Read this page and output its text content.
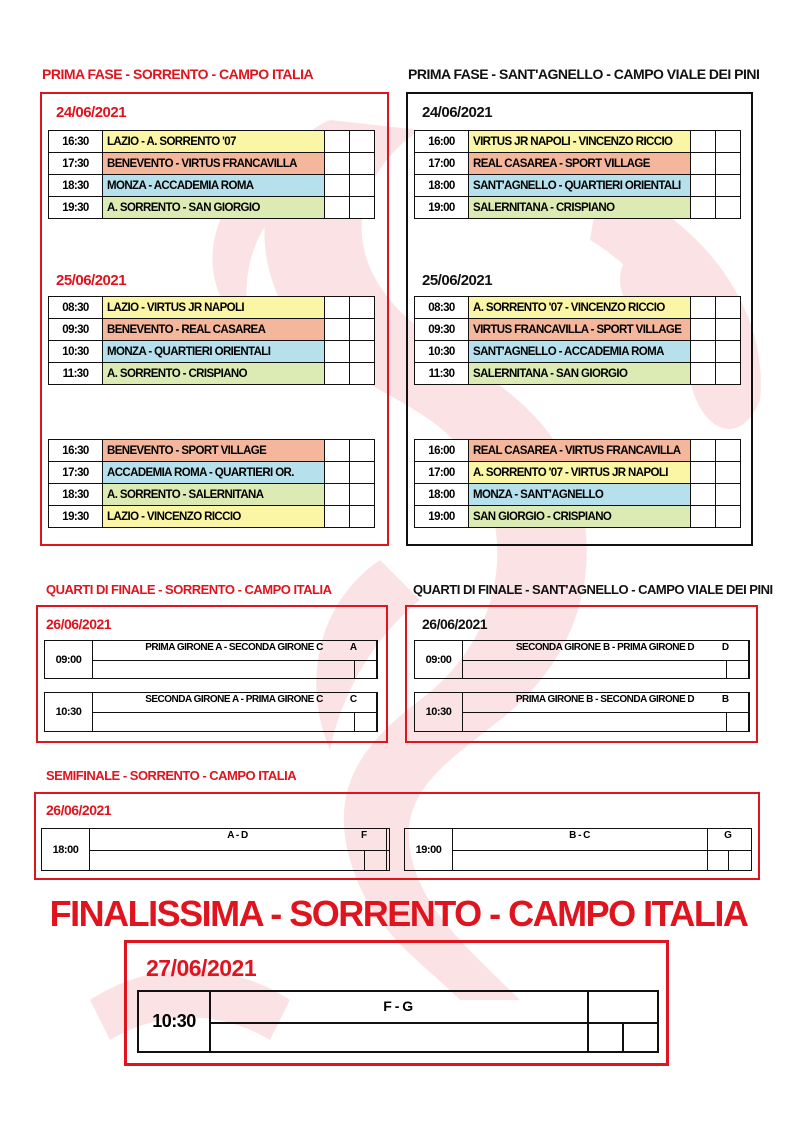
PRIMA FASE - SORRENTO - CAMPO ITALIA
24/06/2021
16:30	LAZIO - A. SORRENTO '07		
17:30	BENEVENTO - VIRTUS FRANCAVILLA		
18:30	MONZA - ACCADEMIA ROMA		
19:30	A. SORRENTO - SAN GIORGIO		
25/06/2021
08:30	LAZIO - VIRTUS JR NAPOLI		
09:30	BENEVENTO - REAL CASAREA		
10:30	MONZA - QUARTIERI ORIENTALI		
11:30	A. SORRENTO - CRISPIANO		
16:30	BENEVENTO - SPORT VILLAGE		
17:30	ACCADEMIA ROMA - QUARTIERI OR.		
18:30	A. SORRENTO - SALERNITANA		
19:30	LAZIO - VINCENZO RICCIO		
PRIMA FASE - SANT'AGNELLO - CAMPO VIALE DEI PINI
24/06/2021
16:00	VIRTUS JR NAPOLI - VINCENZO RICCIO		
17:00	REAL CASAREA - SPORT VILLAGE		
18:00	SANT'AGNELLO - QUARTIERI ORIENTALI		
19:00	SALERNITANA - CRISPIANO		
25/06/2021
08:30	A. SORRENTO '07 - VINCENZO RICCIO		
09:30	VIRTUS FRANCAVILLA - SPORT VILLAGE		
10:30	SANT'AGNELLO - ACCADEMIA ROMA		
11:30	SALERNITANA - SAN GIORGIO		
16:00	REAL CASAREA - VIRTUS FRANCAVILLA		
17:00	A. SORRENTO '07 - VIRTUS JR NAPOLI		
18:00	MONZA - SANT'AGNELLO		
19:00	SAN GIORGIO - CRISPIANO		
QUARTI DI FINALE - SORRENTO - CAMPO ITALIA
26/06/2021
09:00
PRIMA GIRONE A - SECONDA GIRONE C	A
10:30
SECONDA GIRONE A - PRIMA GIRONE C	C
QUARTI DI FINALE - SANT'AGNELLO - CAMPO VIALE DEI PINI
26/06/2021
09:00
SECONDA GIRONE B - PRIMA GIRONE D	D
10:30
PRIMA GIRONE B - SECONDA GIRONE D	B
SEMIFINALE - SORRENTO - CAMPO ITALIA
26/06/2021
18:00
A - D	F
19:00
B - C	G
FINALISSIMA - SORRENTO - CAMPO ITALIA
27/06/2021
10:30
F - G
